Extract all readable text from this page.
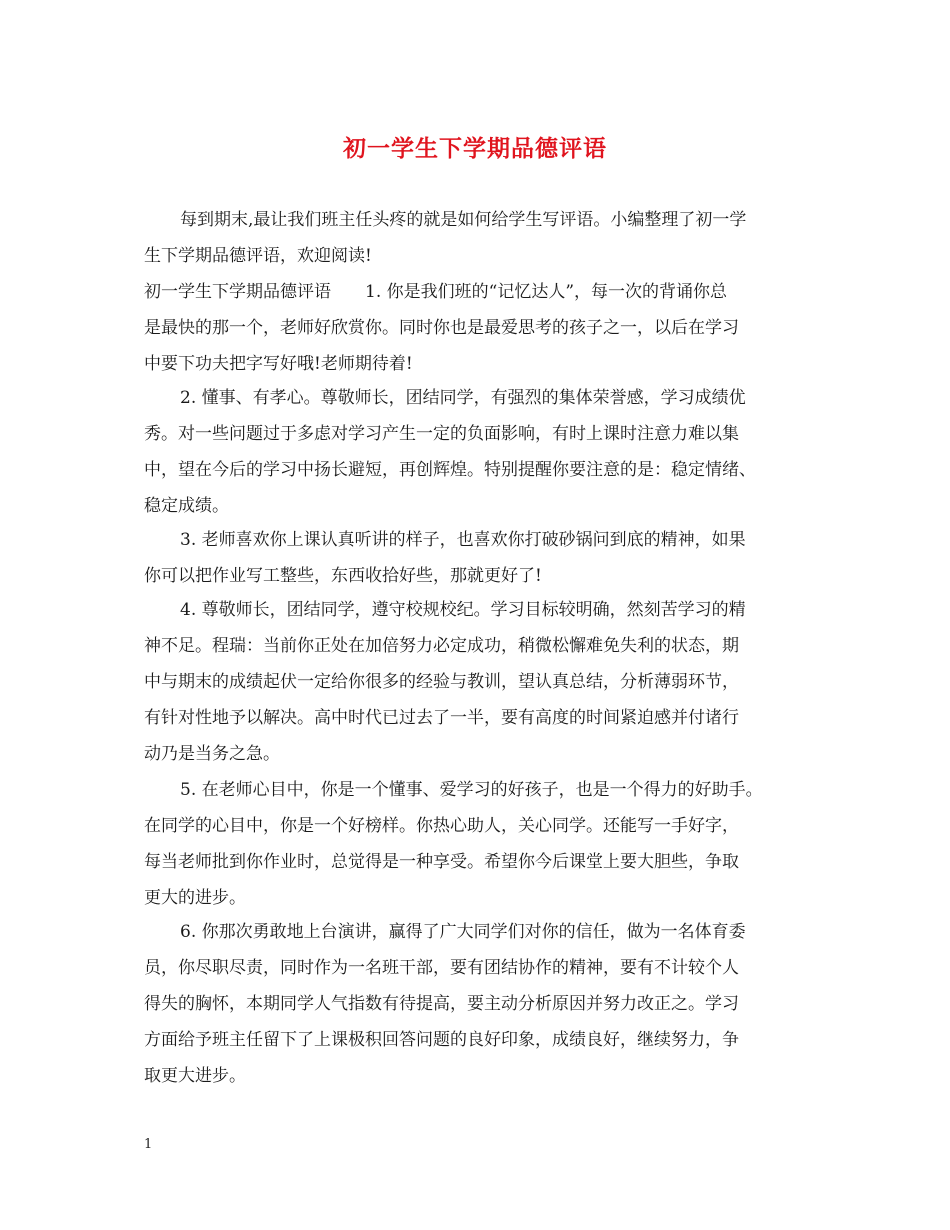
初一学生下学期品德评语
每到期末,最让我们班主任头疼的就是如何给学生写评语。小编整理了初一学
生下学期品德评语，欢迎阅读!
初一学生下学期品德评语　　1. 你是我们班的“记忆达人”，每一次的背诵你总
是最快的那一个，老师好欣赏你。同时你也是最爱思考的孩子之一，以后在学习
中要下功夫把字写好哦!老师期待着!
2. 懂事、有孝心。尊敬师长，团结同学，有强烈的集体荣誉感，学习成绩优
秀。对一些问题过于多虑对学习产生一定的负面影响，有时上课时注意力难以集
中，望在今后的学习中扬长避短，再创辉煌。特别提醒你要注意的是：稳定情绪、
稳定成绩。
3. 老师喜欢你上课认真听讲的样子，也喜欢你打破砂锅问到底的精神，如果
你可以把作业写工整些，东西收拾好些，那就更好了!
4. 尊敬师长，团结同学，遵守校规校纪。学习目标较明确，然刻苦学习的精
神不足。程瑞：当前你正处在加倍努力必定成功，稍微松懈难免失利的状态，期
中与期末的成绩起伏一定给你很多的经验与教训，望认真总结，分析薄弱环节，
有针对性地予以解决。高中时代已过去了一半，要有高度的时间紧迫感并付诸行
动乃是当务之急。
5. 在老师心目中，你是一个懂事、爱学习的好孩子，也是一个得力的好助手。
在同学的心目中，你是一个好榜样。你热心助人，关心同学。还能写一手好字，
每当老师批到你作业时，总觉得是一种享受。希望你今后课堂上要大胆些，争取
更大的进步。
6. 你那次勇敢地上台演讲，赢得了广大同学们对你的信任，做为一名体育委
员，你尽职尽责，同时作为一名班干部，要有团结协作的精神，要有不计较个人
得失的胸怀，本期同学人气指数有待提高，要主动分析原因并努力改正之。学习
方面给予班主任留下了上课极积回答问题的良好印象，成绩良好，继续努力，争
取更大进步。
1
